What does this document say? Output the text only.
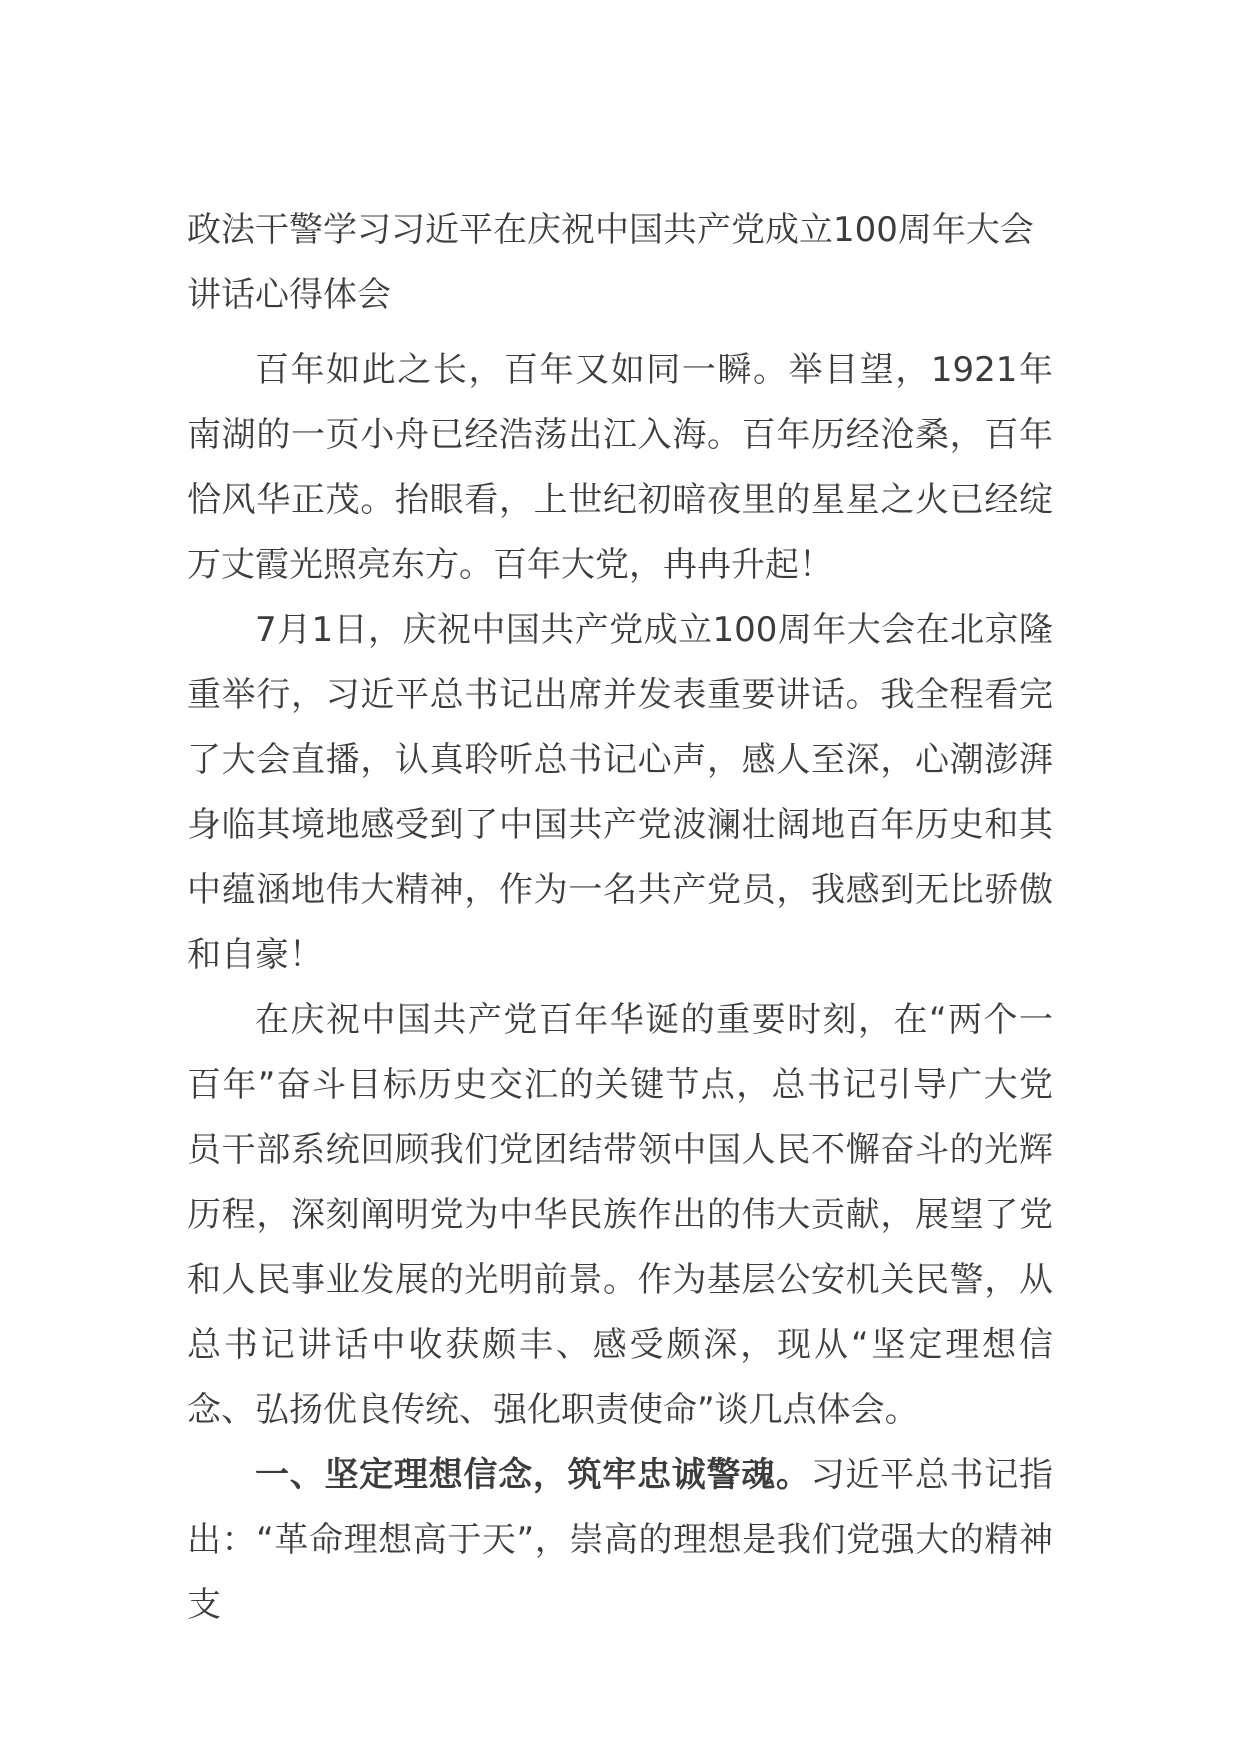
政法干警学习习近平在庆祝中国共产党成立100周年大会讲话心得体会

百年如此之长，百年又如同一瞬。举目望，1921年南湖的一页小舟已经浩荡出江入海。百年历经沧桑，百年恰风华正茂。抬眼看，上世纪初暗夜里的星星之火已经绽万丈霞光照亮东方。百年大党，冉冉升起！

7月1日，庆祝中国共产党成立100周年大会在北京隆重举行，习近平总书记出席并发表重要讲话。我全程看完了大会直播，认真聆听总书记心声，感人至深，心潮澎湃身临其境地感受到了中国共产党波澜壮阔地百年历史和其中蕴涵地伟大精神，作为一名共产党员，我感到无比骄傲和自豪！

在庆祝中国共产党百年华诞的重要时刻，在“两个一百年”奋斗目标历史交汇的关键节点，总书记引导广大党员干部系统回顾我们党团结带领中国人民不懈奋斗的光辉历程，深刻阐明党为中华民族作出的伟大贡献，展望了党和人民事业发展的光明前景。作为基层公安机关民警，从总书记讲话中收获颇丰、感受颇深，现从“坚定理想信念、弘扬优良传统、强化职责使命”谈几点体会。

一、坚定理想信念，筑牢忠诚警魂。习近平总书记指出：“革命理想高于天”，崇高的理想是我们党强大的精神支
